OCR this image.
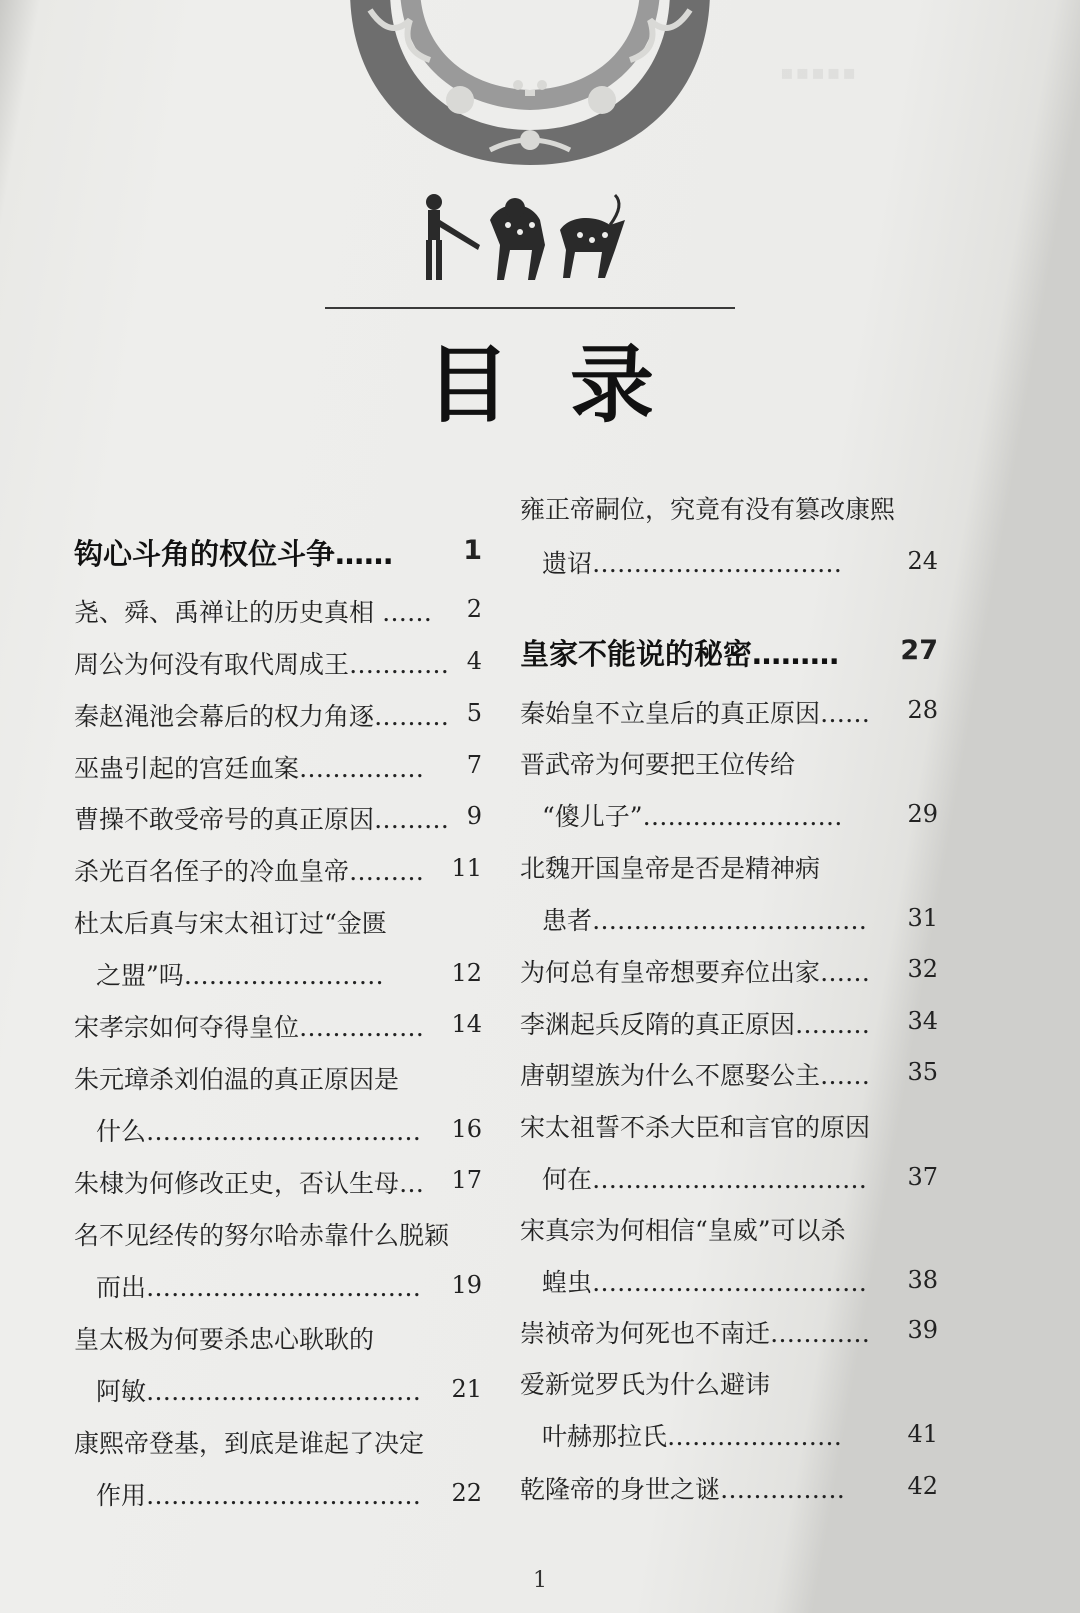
▪▪▪▪▪
目录
钩心斗角的权位斗争……	1
尧、舜、禹禅让的历史真相 ……	2
周公为何没有取代周成王………… 4
秦赵渑池会幕后的权力角逐……… 5
巫蛊引起的宫廷血案……………	7
曹操不敢受帝号的真正原因……… 9
杀光百名侄子的冷血皇帝………	11
杜太后真与宋太祖订过“金匮
之盟”吗……………………	12
宋孝宗如何夺得皇位……………	14
朱元璋杀刘伯温的真正原因是
什么……………………………	16
朱棣为何修改正史，否认生母…	17
名不见经传的努尔哈赤靠什么脱颖
而出……………………………	19
皇太极为何要杀忠心耿耿的
阿敏……………………………	21
康熙帝登基，到底是谁起了决定
作用……………………………	22
雍正帝嗣位，究竟有没有篡改康熙
遗诏…………………………	24
皇家不能说的秘密………	27
秦始皇不立皇后的真正原因……	28
晋武帝为何要把王位传给
“傻儿子”……………………	29
北魏开国皇帝是否是精神病
患者……………………………	31
为何总有皇帝想要弃位出家……	32
李渊起兵反隋的真正原因………	34
唐朝望族为什么不愿娶公主……	35
宋太祖誓不杀大臣和言官的原因
何在……………………………	37
宋真宗为何相信“皇威”可以杀
蝗虫……………………………	38
崇祯帝为何死也不南迁…………	39
爱新觉罗氏为什么避讳
叶赫那拉氏…………………	41
乾隆帝的身世之谜……………	42
1
